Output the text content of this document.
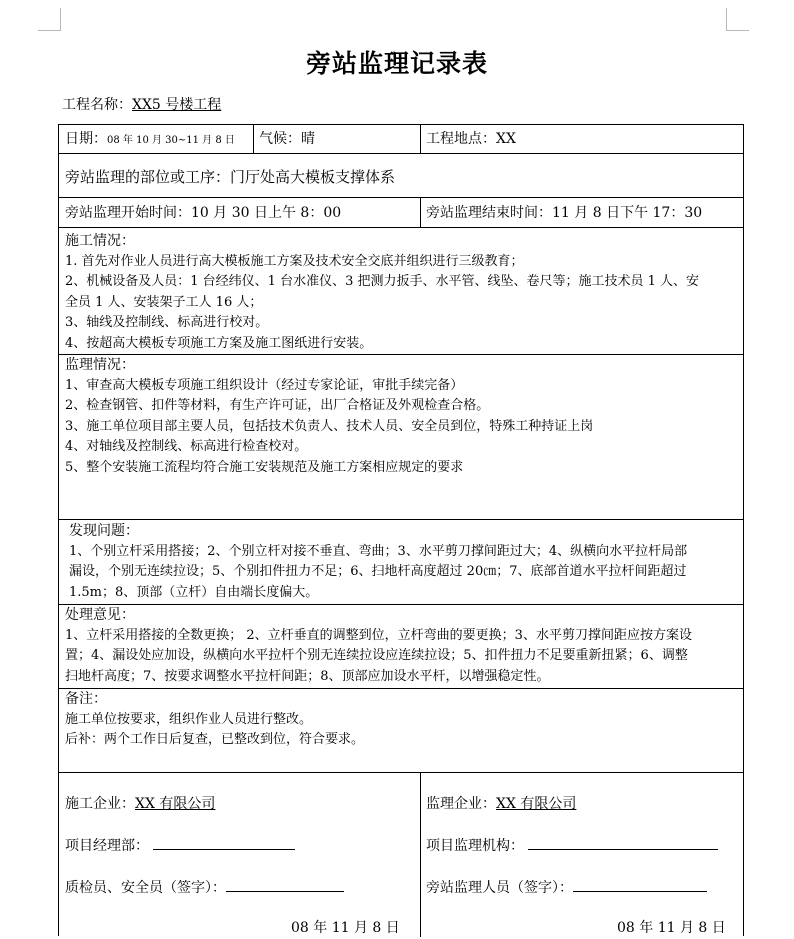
旁站监理记录表
工程名称：XX5 号楼工程
日期：08 年 10 月 30~11 月 8 日 气候：晴	工程地点：XX
旁站监理的部位或工序：门厅处高大模板支撑体系
旁站监理开始时间：10 月 30 日上午 8：00	旁站监理结束时间：11 月 8 日下午 17：30

施工情况：

1. 首先对作业人员进行高大模板施工方案及技术安全交底并组织进行三级教育；

2、机械设备及人员：1 台经纬仪、1 台水准仪、3 把测力扳手、水平管、线坠、卷尺等；施工技术员 1 人、安

全员 1 人、安装架子工人 16 人；

3、轴线及控制线、标高进行校对。

4、按超高大模板专项施工方案及施工图纸进行安装。

监理情况：

1、审查高大模板专项施工组织设计（经过专家论证，审批手续完备）

2、检查钢管、扣件等材料，有生产许可证，出厂合格证及外观检查合格。

3、施工单位项目部主要人员，包括技术负责人、技术人员、安全员到位，特殊工种持证上岗

4、对轴线及控制线、标高进行检查校对。

5、整个安装施工流程均符合施工安装规范及施工方案相应规定的要求

发现问题：

1、个别立杆采用搭接；2、个别立杆对接不垂直、弯曲；3、水平剪刀撑间距过大；4、纵横向水平拉杆局部

漏设，个别无连续拉设；5、个别扣件扭力不足；6、扫地杆高度超过 20㎝；7、底部首道水平拉杆间距超过

1.5m；8、顶部（立杆）自由端长度偏大。

处理意见：

1、立杆采用搭接的全数更换； 2、立杆垂直的调整到位，立杆弯曲的要更换；3、水平剪刀撑间距应按方案设

置；4、漏设处应加设，纵横向水平拉杆个别无连续拉设应连续拉设；5、扣件扭力不足要重新扭紧；6、调整

扫地杆高度；7、按要求调整水平拉杆间距；8、顶部应加设水平杆，以增强稳定性。

备注：

施工单位按要求，组织作业人员进行整改。

后补：两个工作日后复查，已整改到位，符合要求。

施工企业：XX 有限公司
项目经理部：
质检员、安全员（签字）：
08 年 11 月 8 日
监理企业：XX 有限公司
项目监理机构：
旁站监理人员（签字）：
08 年 11 月 8 日
